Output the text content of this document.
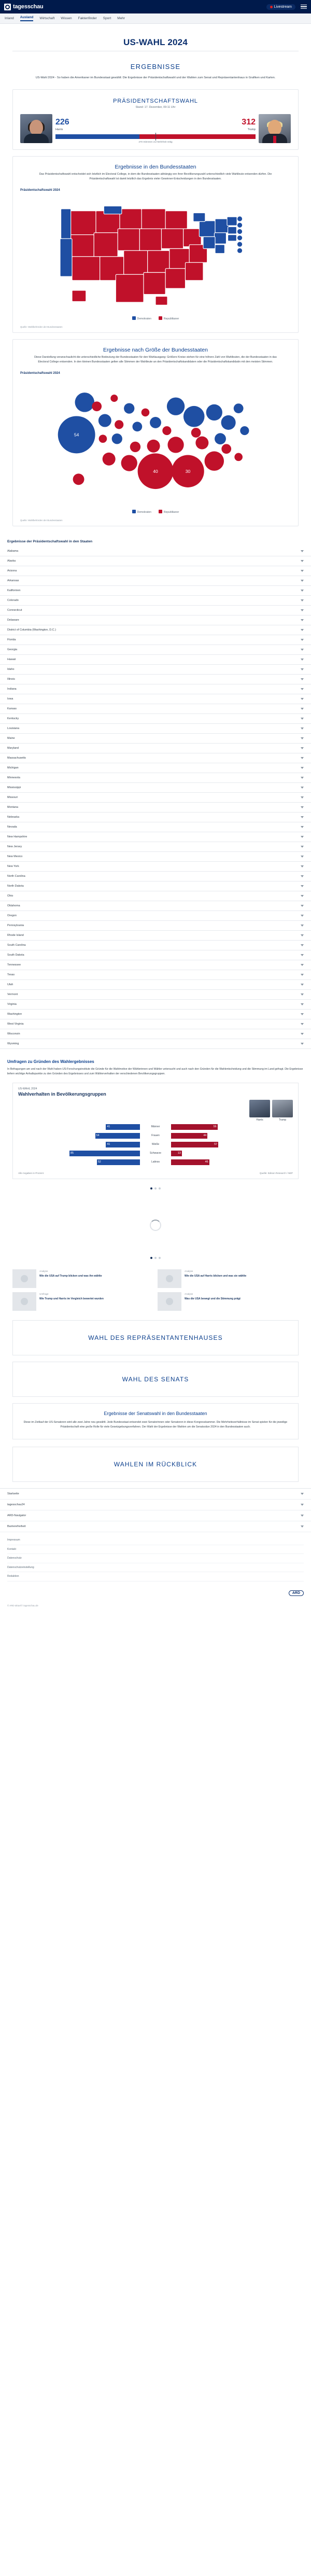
tagesschau	Livestream
Inland Ausland Wirtschaft Wissen Faktenfinder Sport Mehr
US-WAHL 2024
ERGEBNISSE
US-Wahl 2024 - So haben die Amerikaner im Bundesstaat gewählt: Die Ergebnisse der Präsidentschaftswahl und der Wahlen zum Senat und Repräsentantenhaus in Grafiken und Karten.
PRÄSIDENTSCHAFTSWAHL
Stand: 17. Dezember, 09:11 Uhr
226	312
Harris	Trump
270 Stimmen zur Mehrheit nötig
Ergebnisse in den Bundesstaaten
Das Präsidentschaftswahl entscheidet sich letztlich im Electoral College, in dem die Bundesstaaten abhängig von ihrer Bevölkerungszahl unterschiedlich viele Wahlleute entsenden dürfen. Die Präsidentschaftswahl ist damit letztlich das Ergebnis vieler Gewinner-Entscheidungen in den Bundesstaaten.
Präsidentschaftswahl 2024
Demokraten	Republikaner
Quelle: Wahlbehörden der Bundesstaaten
Ergebnisse nach Größe der Bundesstaaten
Diese Darstellung veranschaulicht die unterschiedliche Bedeutung der Bundesstaaten für den Wahlausgang: Größere Kreise stehen für eine höhere Zahl von Wahlleuten, die der Bundesstaaten in das Electoral College entsenden. In den kleinen Bundesstaaten gelten alle Stimmen der Wahlleute an den Präsidentschaftskandidaten oder die Präsidentschaftskandidatin mit den meisten Stimmen.
Präsidentschaftswahl 2024
54
40	30
Demokraten	Republikaner
Quelle: Wahlbehörden der Bundesstaaten
Ergebnisse der Präsidentschaftswahl in den Staaten
Alabama
Alaska
Arizona
Arkansas
Kalifornien
Colorado
Connecticut
Delaware
District of Columbia (Washington, D.C.)
Florida
Georgia
Hawaii
Idaho
Illinois
Indiana
Iowa
Kansas
Kentucky
Louisiana
Maine
Maryland
Massachusetts
Michigan
Minnesota
Mississippi
Missouri
Montana
Nebraska
Nevada
New Hampshire
New Jersey
New Mexico
New York
North Carolina
North Dakota
Ohio
Oklahoma
Oregon
Pennsylvania
Rhode Island
South Carolina
South Dakota
Tennessee
Texas
Utah
Vermont
Virginia
Washington
West Virginia
Wisconsin
Wyoming
Umfragen zu Gründen des Wahlergebnisses
In Befragungen am und nach der Wahl haben US-Forschungsinstitute die Gründe für die Wahlmotive der Wählerinnen und Wähler untersucht und auch nach den Gründen für die Wahlentscheidung und die Stimmung im Land gefragt. Die Ergebnisse liefern wichtige Anhaltspunkte zu den Gründen des Ergebnisses und zum Wählerverhalten der verschiedenen Bevölkerungsgruppen.
US-WAHL 2024
Wahlverhalten in Bevölkerungsgruppen
Harris	Trump
41	Männer	56
54	Frauen	44
41	Weiße	57
85	Schwarze	13
52	Latinos	46
Alle Angaben in Prozent	Quelle: Edison Research / NEP
Analyse
Wie die USA auf Trump blicken und was ihn wählte
Analyse
Wie die USA auf Harris blicken und was sie wählte
Umfrage
Wie Trump und Harris im Vergleich bewertet wurden
Analyse
Was die USA bewegt und die Stimmung prägt
WAHL DES REPRÄSENTANTENHAUSES
WAHL DES SENATS
Ergebnisse der Senatswahl in den Bundesstaaten

Diese im Zeitlauf der US-Senatoren wird alle zwei Jahre neu gewählt. Jede Bundesstaat entsendet zwei Senatorinnen oder Senatoren in diese Kongresskammer. Die Mehrheitsverhältnisse im Senat spielen für die jeweilige Präsidentschaft eine große Rolle für viele Gesetzgebungsverfahren. Der Wahl der Ergebnisse der Wahlen um die Senatssitze 2024 in den Bundesstaaten auch.

WAHLEN IM RÜCKBLICK
Startseite
tagesschau24
ARD-Navigator
Barrierefreiheit
Impressum
Kontakt
Datenschutz
Datenschutzeinstellung
Redaktion
ARD
© ARD-aktuell / tagesschau.de
